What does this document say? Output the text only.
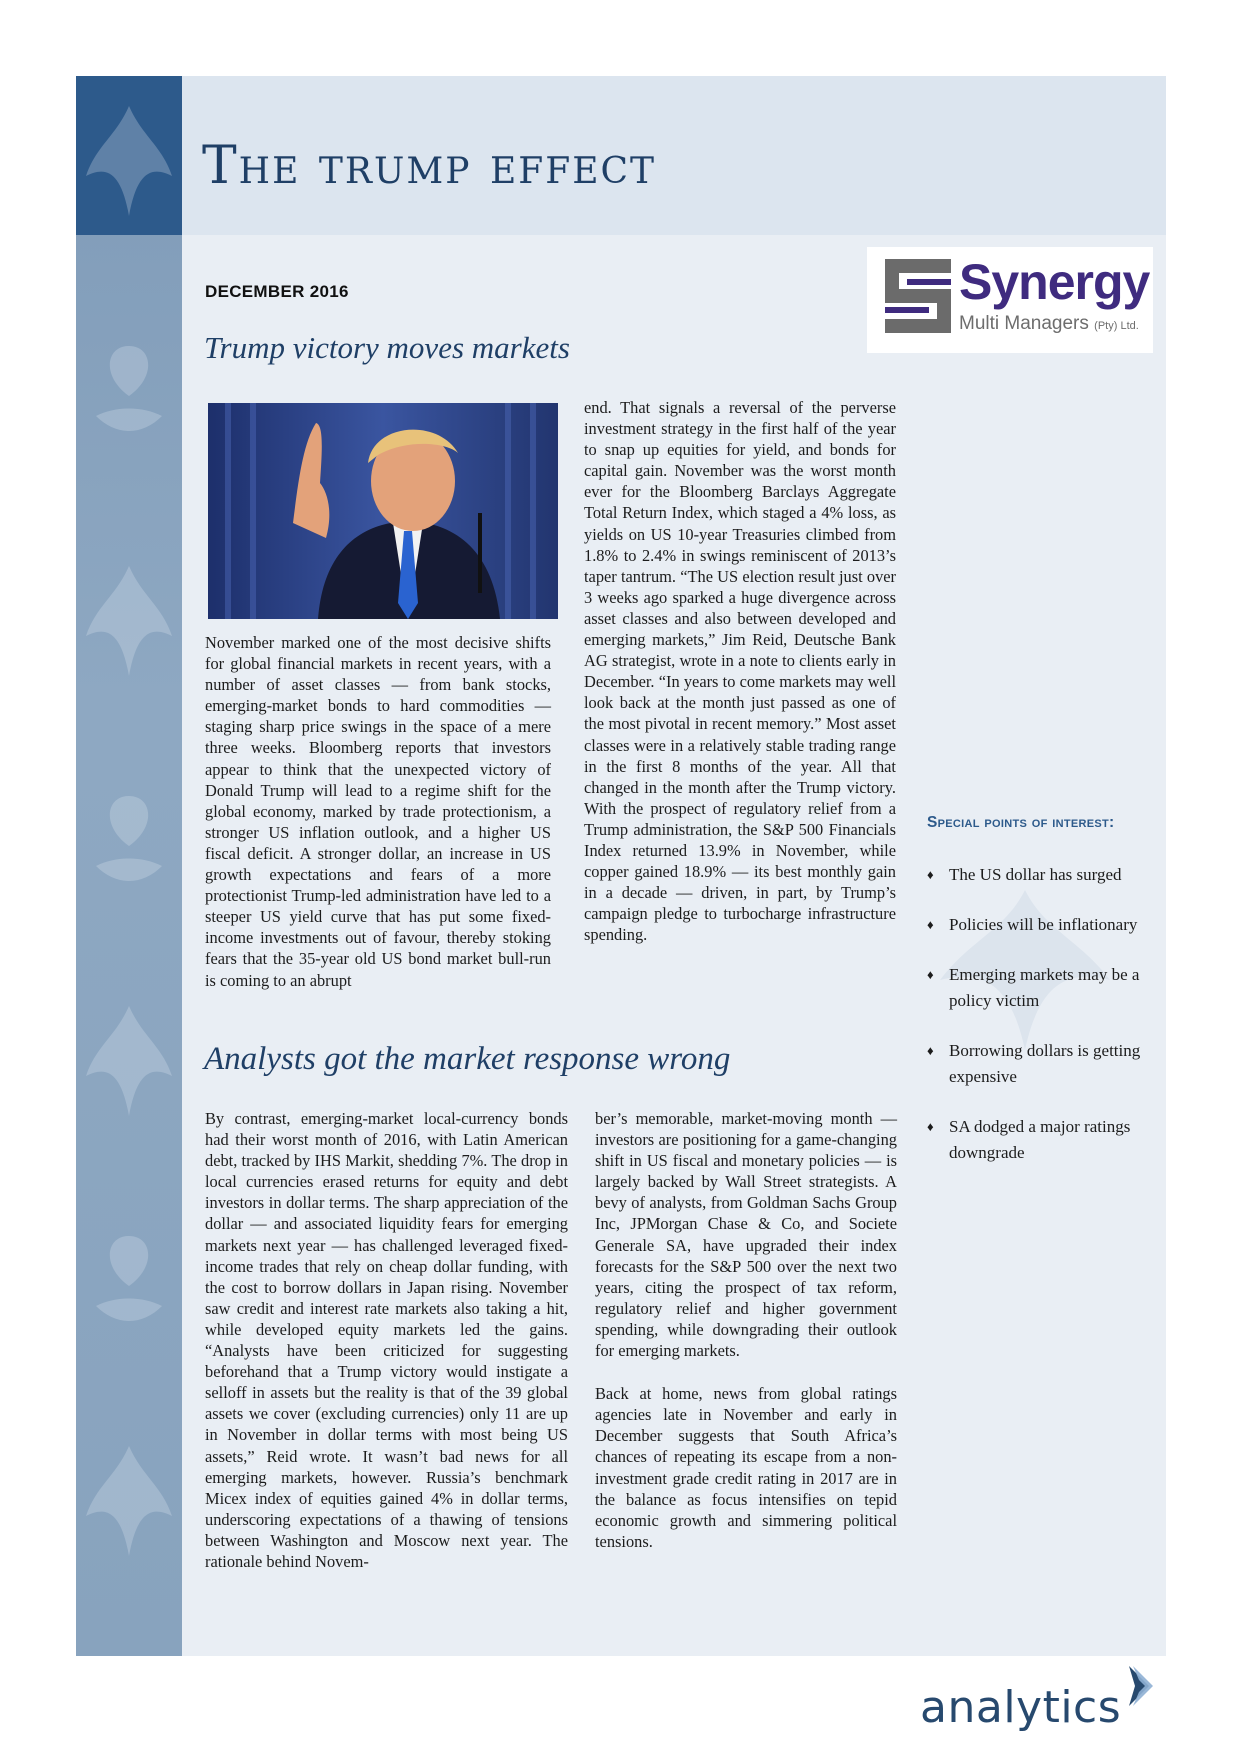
The trump effect
DECEMBER 2016	Synergy
Multi Managers (Pty) Ltd.
Trump victory moves markets

November marked one of the most decisive shifts for global financial markets in recent years, with a number of asset classes — from bank stocks, emerging-market bonds to hard commodities — staging sharp price swings in the space of a mere three weeks. Bloomberg reports that investors appear to think that the unexpected victory of Donald Trump will lead to a regime shift for the global economy, marked by trade protectionism, a stronger US inflation outlook, and a higher US fiscal deficit. A stronger dollar, an increase in US growth expectations and fears of a more protectionist Trump-led administration have led to a steeper US yield curve that has put some fixed-income investments out of favour, thereby stoking fears that the 35-year old US bond market bull-run is coming to an abrupt

end. That signals a reversal of the perverse investment strategy in the first half of the year to snap up equities for yield, and bonds for capital gain. November was the worst month ever for the Bloomberg Barclays Aggregate Total Return Index, which staged a 4% loss, as yields on US 10-year Treasuries climbed from 1.8% to 2.4% in swings reminiscent of 2013’s taper tantrum. “The US election result just over 3 weeks ago sparked a huge divergence across asset classes and also between developed and emerging markets,” Jim Reid, Deutsche Bank AG strategist, wrote in a note to clients early in December. “In years to come markets may well look back at the month just passed as one of the most pivotal in recent memory.” Most asset classes were in a relatively stable trading range in the first 8 months of the year. All that changed in the month after the Trump victory. With the prospect of regulatory relief from a Trump administration, the S&P 500 Financials Index returned 13.9% in November, while copper gained 18.9% — its best monthly gain in a decade — driven, in part, by Trump’s campaign pledge to turbocharge infrastructure spending.

Analysts got the market response wrong

By contrast, emerging-market local-currency bonds had their worst month of 2016, with Latin American debt, tracked by IHS Markit, shedding 7%. The drop in local currencies erased returns for equity and debt investors in dollar terms. The sharp appreciation of the dollar — and associated liquidity fears for emerging markets next year — has challenged leveraged fixed-income trades that rely on cheap dollar funding, with the cost to borrow dollars in Japan rising. November saw credit and interest rate markets also taking a hit, while developed equity markets led the gains. “Analysts have been criticized for suggesting beforehand that a Trump victory would instigate a selloff in assets but the reality is that of the 39 global assets we cover (excluding currencies) only 11 are up in November in dollar terms with most being US assets,” Reid wrote. It wasn’t bad news for all emerging markets, however. Russia’s benchmark Micex index of equities gained 4% in dollar terms, underscoring expectations of a thawing of tensions between Washington and Moscow next year. The rationale behind Novem-

ber’s memorable, market-moving month — investors are positioning for a game-changing shift in US fiscal and monetary policies — is largely backed by Wall Street strategists. A bevy of analysts, from Goldman Sachs Group Inc, JPMorgan Chase & Co, and Societe Generale SA, have upgraded their index forecasts for the S&P 500 over the next two years, citing the prospect of tax reform, regulatory relief and higher government spending, while downgrading their outlook for emerging markets.

Back at home, news from global ratings agencies late in November and early in December suggests that South Africa’s chances of repeating its escape from a non-investment grade credit rating in 2017 are in the balance as focus intensifies on tepid economic growth and simmering political tensions.

Special points of interest:
♦ The US dollar has surged
♦ Policies will be inflationary
♦ Emerging markets may be a policy victim
♦ Borrowing dollars is getting expensive
♦ SA dodged a major ratings downgrade
analytics
